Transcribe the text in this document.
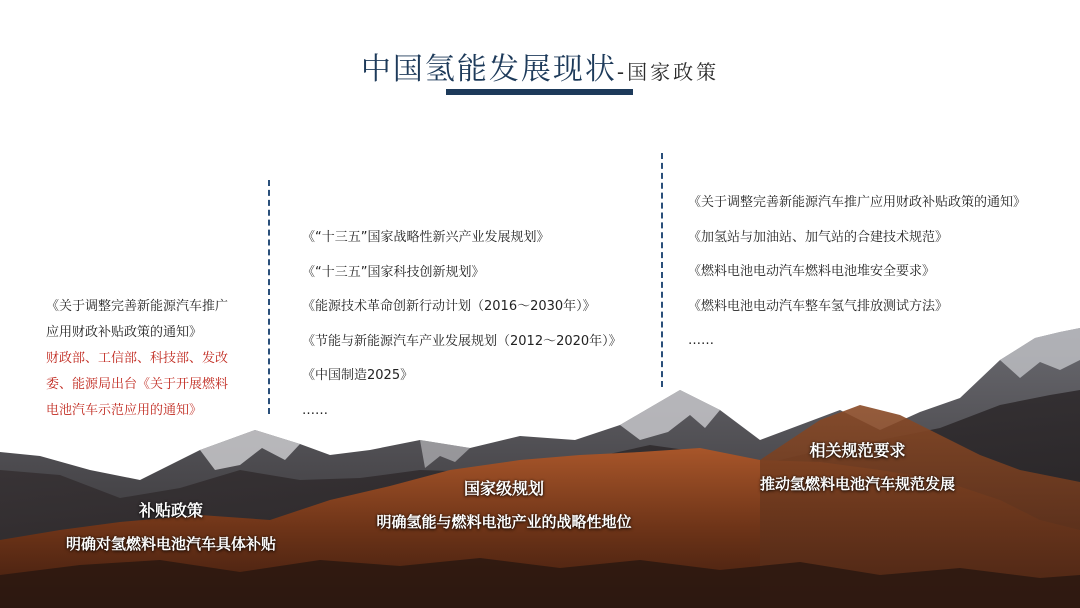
中国氢能发展现状-国家政策
《关于调整完善新能源汽车推广
应用财政补贴政策的通知》
财政部、工信部、科技部、发改
委、能源局出台《关于开展燃料
电池汽车示范应用的通知》
《“十三五”国家战略性新兴产业发展规划》
《“十三五”国家科技创新规划》
《能源技术革命创新行动计划（2016～2030年）》
《节能与新能源汽车产业发展规划（2012～2020年）》
《中国制造2025》
……
《关于调整完善新能源汽车推广应用财政补贴政策的通知》
《加氢站与加油站、加气站的合建技术规范》
《燃料电池电动汽车燃料电池堆安全要求》
《燃料电池电动汽车整车氢气排放测试方法》
……
补贴政策
明确对氢燃料电池汽车具体补贴
国家级规划
明确氢能与燃料电池产业的战略性地位
相关规范要求
推动氢燃料电池汽车规范发展
